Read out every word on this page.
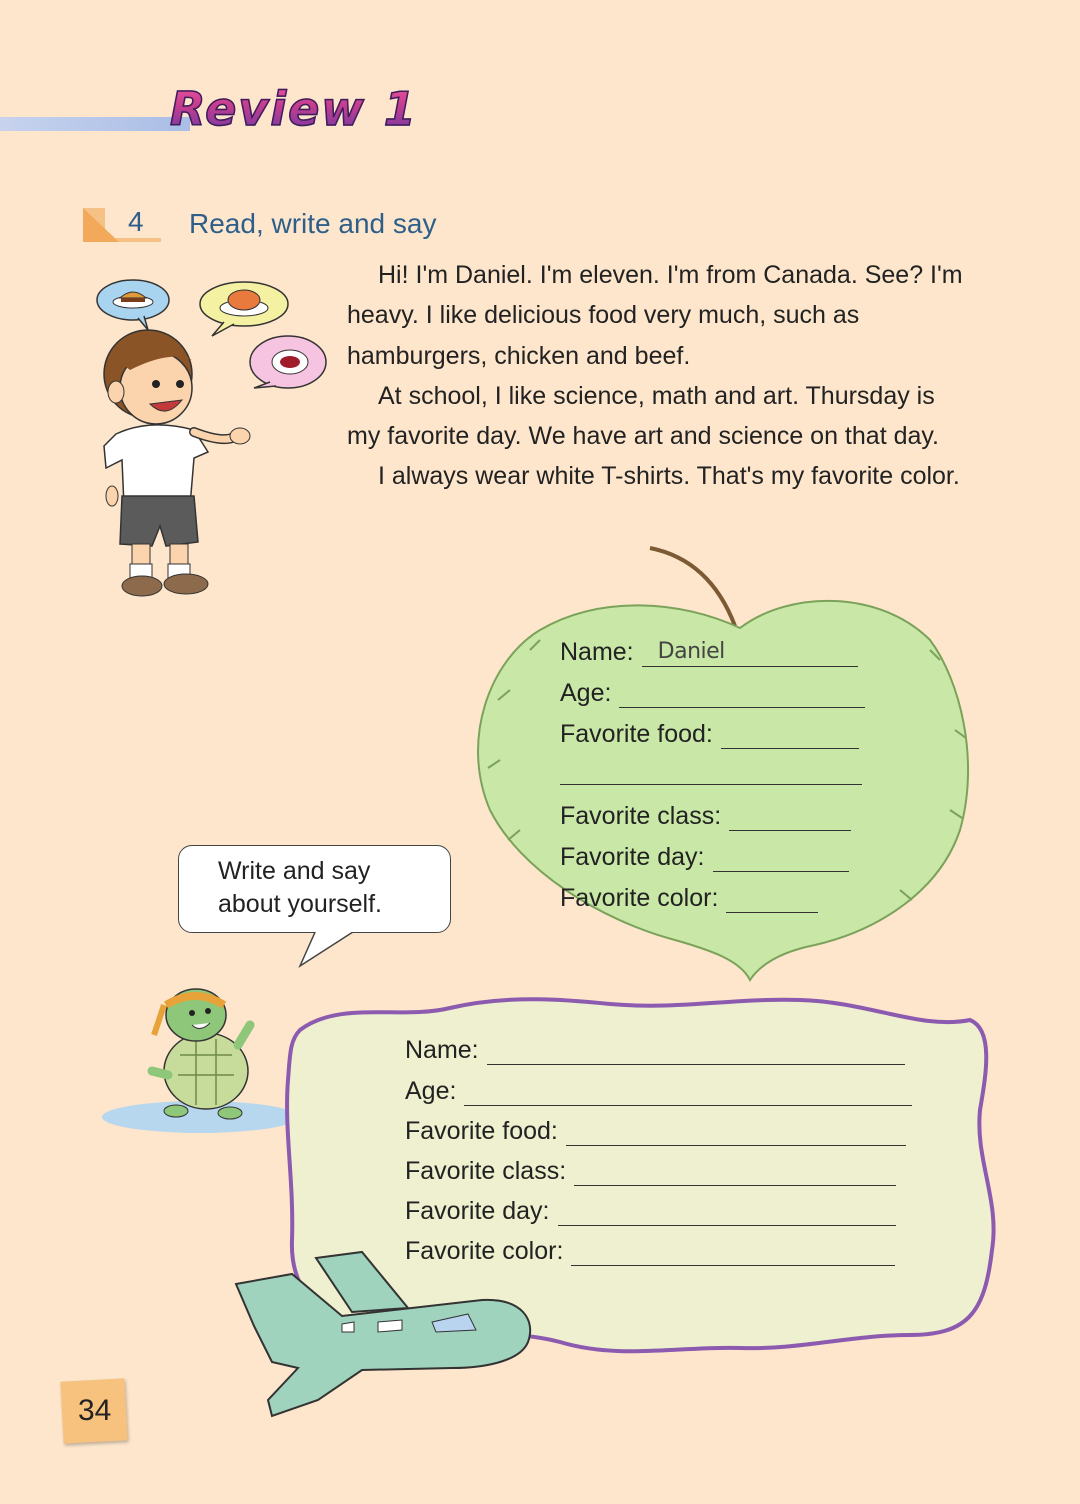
Review 1
4 Read, write and say

Hi! I'm Daniel. I'm eleven. I'm from Canada. See? I'm heavy. I like delicious food very much, such as hamburgers, chicken and beef.

At school, I like science, math and art. Thursday is my favorite day. We have art and science on that day.

I always wear white T-shirts. That's my favorite color.

Name: Daniel
Age:
Favorite food:
Favorite class:
Favorite day:
Favorite color:
Write and say
about yourself.
Name:
Age:
Favorite food:
Favorite class:
Favorite day:
Favorite color:
34
